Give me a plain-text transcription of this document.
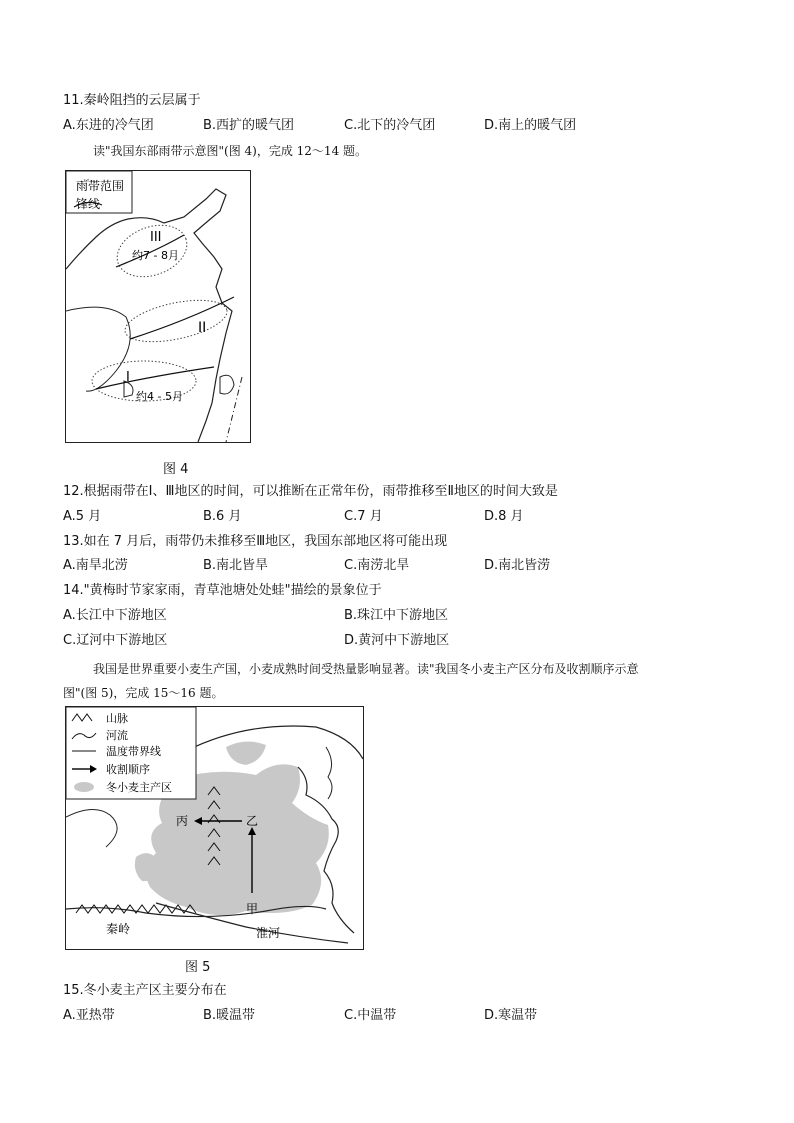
11.秦岭阻挡的云层属于
A.东进的冷气团	B.西扩的暖气团	C.北下的冷气团	D.南上的暖气团
读"我国东部雨带示意图"(图 4)，完成 12～14 题。
雨带范围
锋线
III
约7 - 8月
II
I
约4 - 5月
图 4
12.根据雨带在Ⅰ、Ⅲ地区的时间，可以推断在正常年份，雨带推移至Ⅱ地区的时间大致是
A.5 月	B.6 月	C.7 月	D.8 月
13.如在 7 月后，雨带仍未推移至Ⅲ地区，我国东部地区将可能出现
A.南旱北涝	B.南北皆旱	C.南涝北旱	D.南北皆涝
14."黄梅时节家家雨，青草池塘处处蛙"描绘的景象位于
A.长江中下游地区	B.珠江中下游地区
C.辽河中下游地区	D.黄河中下游地区
我国是世界重要小麦生产国，小麦成熟时间受热量影响显著。读"我国冬小麦主产区分布及收割顺序示意
图"(图 5)，完成 15～16 题。
山脉
河流
温度带界线
收割顺序
冬小麦主产区
丙	乙
甲
秦岭	淮河
图 5
15.冬小麦主产区主要分布在
A.亚热带	B.暖温带	C.中温带	D.寒温带
